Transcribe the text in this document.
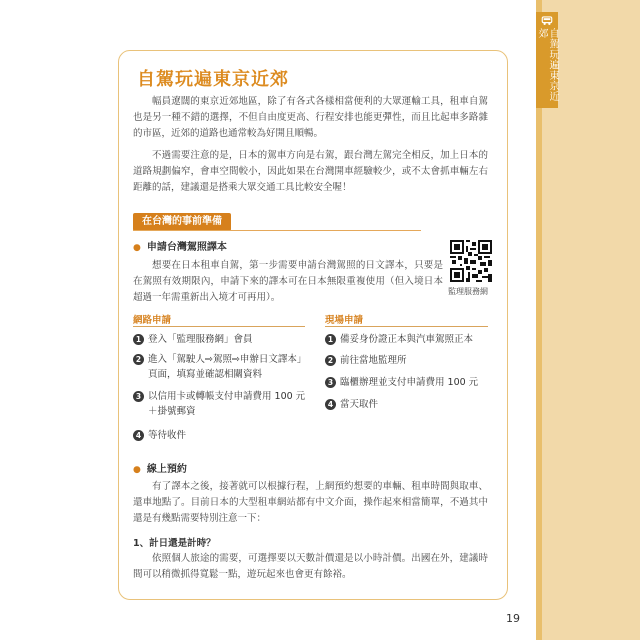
自駕玩遍東京近郊
自駕玩遍東京近郊

幅員遼闊的東京近郊地區，除了有各式各樣相當便利的大眾運輸工具，租車自駕也是另一種不錯的選擇，不但自由度更高、行程安排也能更彈性，而且比起車多路雜的市區，近郊的道路也通常較為好開且順暢。

不過需要注意的是，日本的駕車方向是右駕，跟台灣左駕完全相反，加上日本的道路規劃偏窄，會車空間較小，因此如果在台灣開車經驗較少，或不太會抓車輛左右距離的話，建議還是搭乘大眾交通工具比較安全喔！

在台灣的事前準備
● 申請台灣駕照譯本

想要在日本租車自駕，第一步需要申請台灣駕照的日文譯本，只要是在駕照有效期限內，申請下來的譯本可在日本無限重複使用（但入境日本超過一年需重新出入境才可再用）。

監理服務網
網路申請	現場申請
1 登入「監理服務網」會員
2 進入「駕駛人⇨駕照⇨申辦日文譯本」頁面，填寫並確認相關資料
3 以信用卡或轉帳支付申請費用 100 元＋掛號郵資
4 等待收件
1 備妥身份證正本與汽車駕照正本
2 前往當地監理所
3 臨櫃辦理並支付申請費用 100 元
4 當天取件
● 線上預約

有了譯本之後，接著就可以根據行程，上網預約想要的車輛、租車時間與取車、還車地點了。目前日本的大型租車網站都有中文介面，操作起來相當簡單，不過其中還是有幾點需要特別注意一下：

1、計日還是計時？

依照個人旅途的需要，可選擇要以天數計價還是以小時計價。出國在外，建議時間可以稍微抓得寬鬆一點，遊玩起來也會更有餘裕。

19
